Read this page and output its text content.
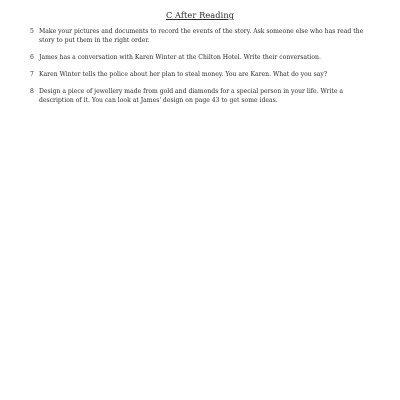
C After Reading
5 Make your pictures and documents to record the events of the story. Ask someone else who has read the story to put them in the right order.
6 James has a conversation with Karen Winter at the Chilton Hotel. Write their conversation.
7 Karen Winter tells the police about her plan to steal money. You are Karen. What do you say?
8 Design a piece of jewellery made from gold and diamonds for a special person in your life. Write a description of it. You can look at James' design on page 43 to get some ideas.
